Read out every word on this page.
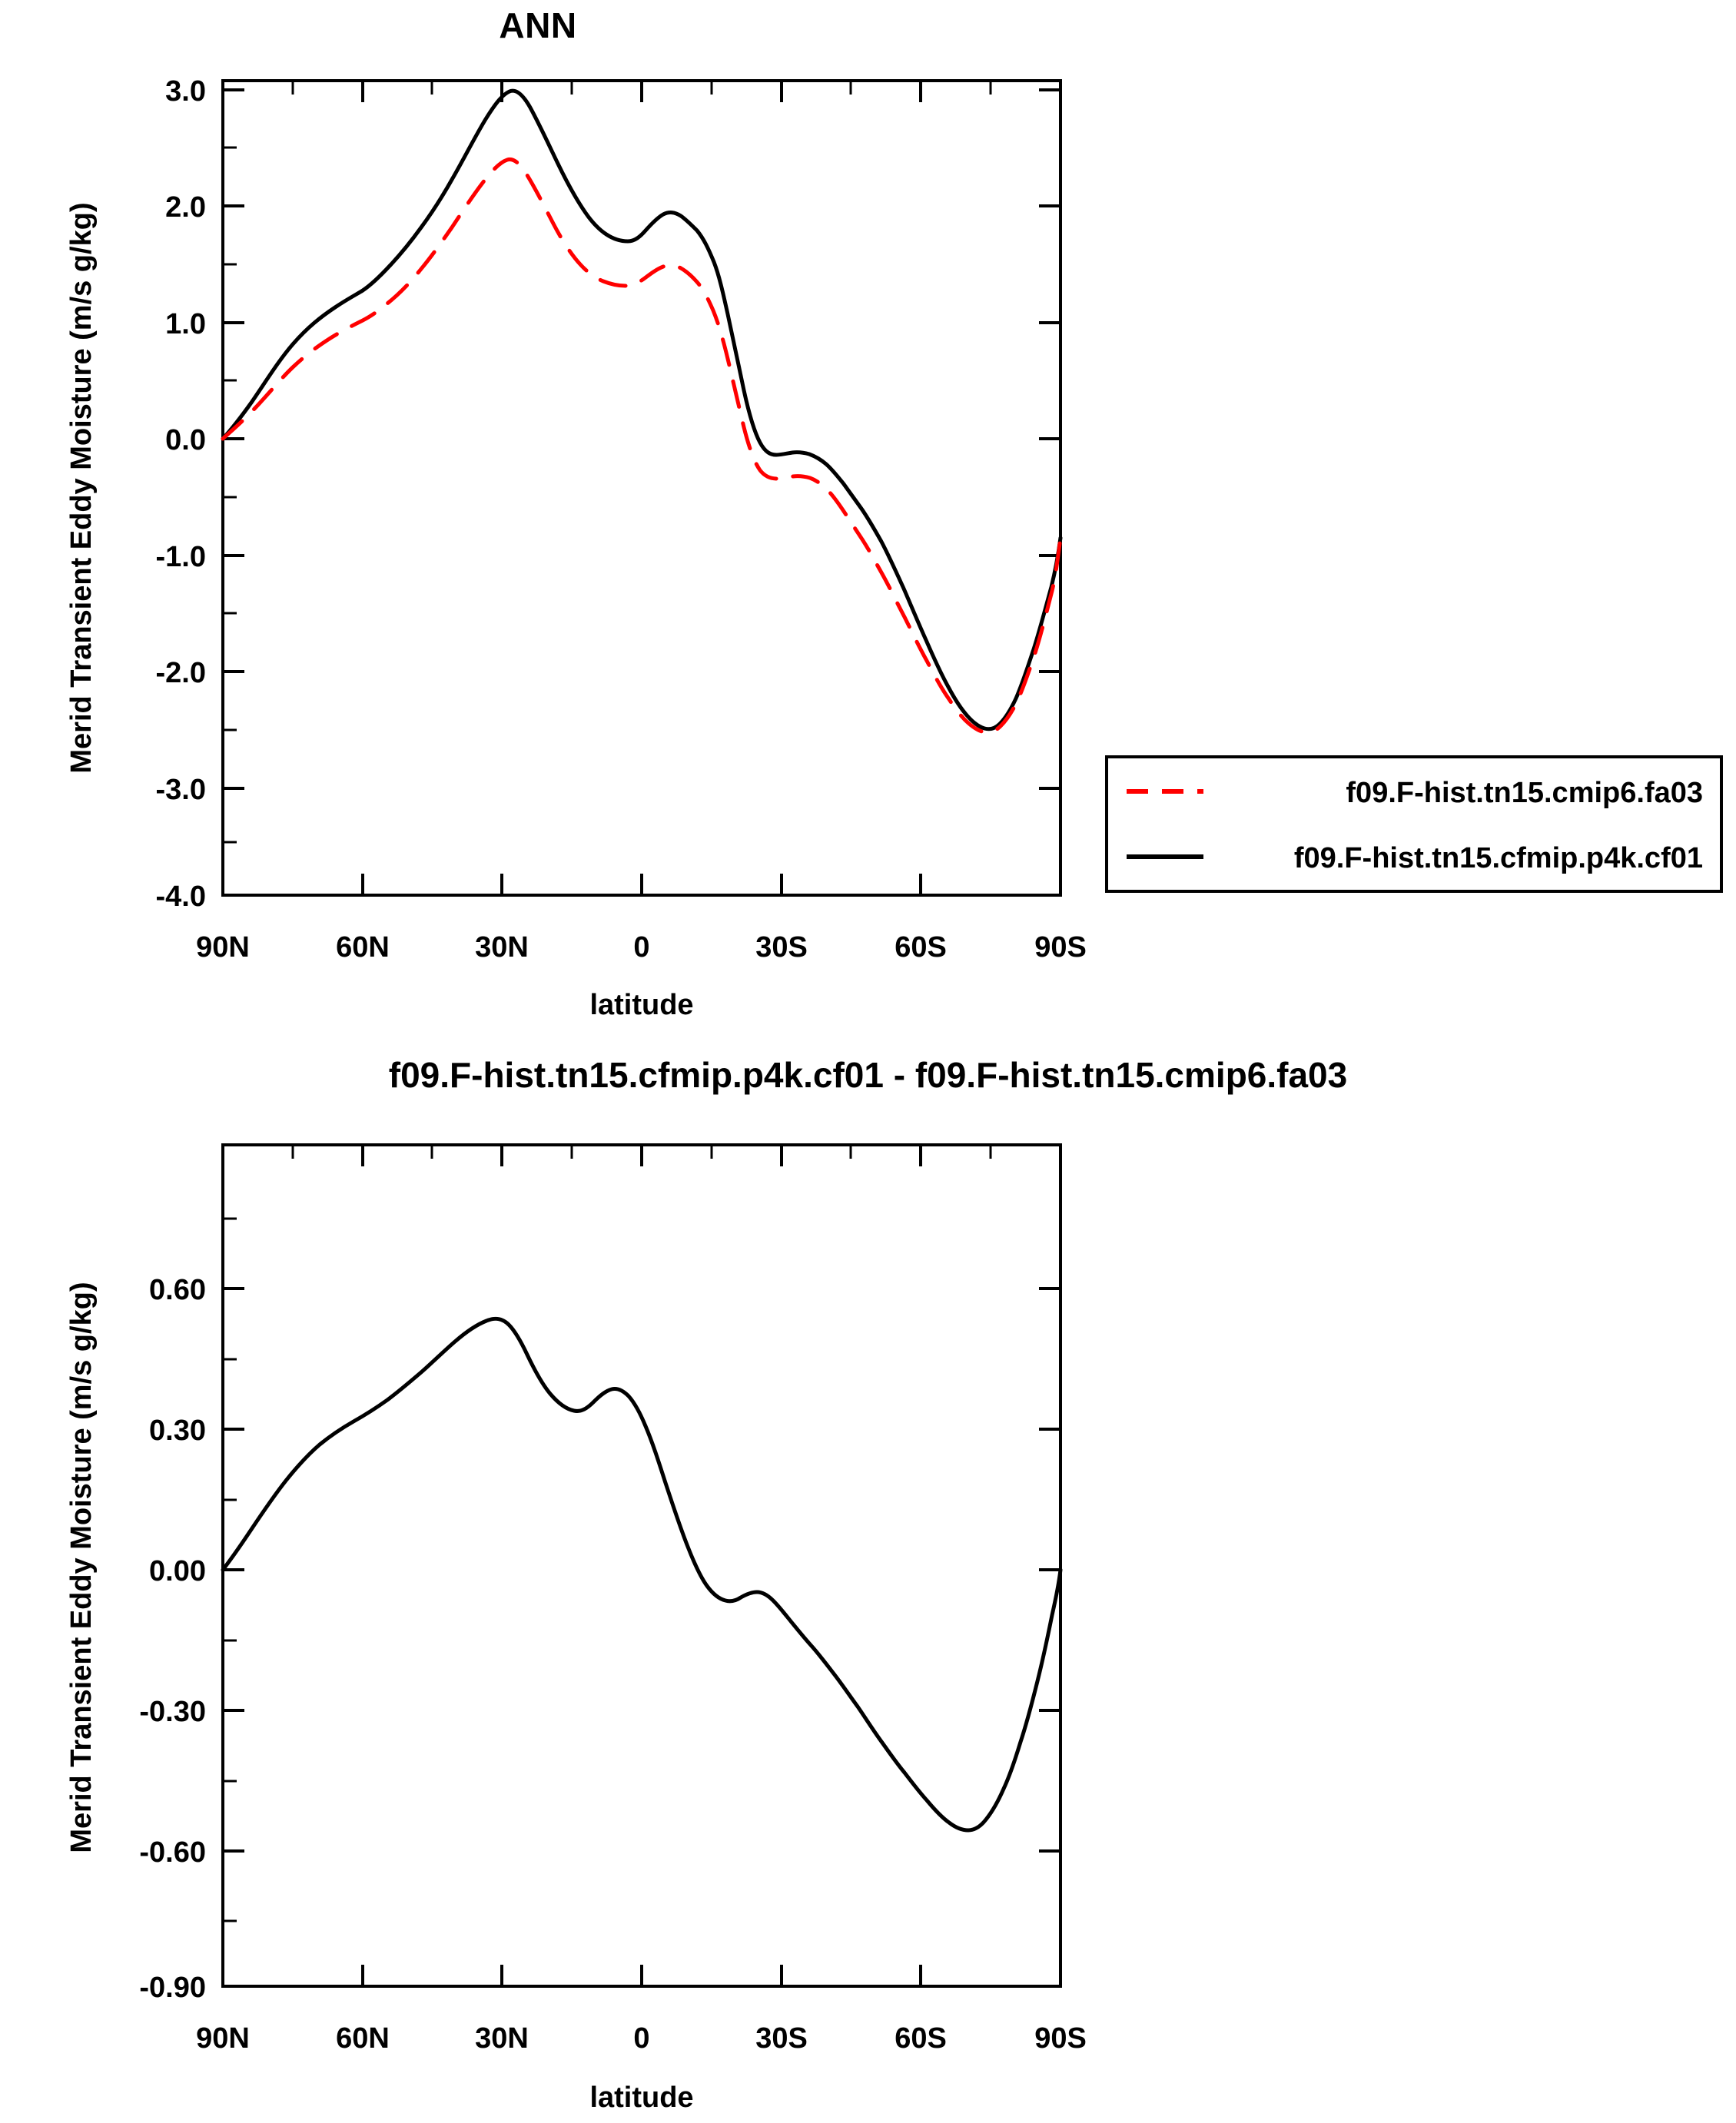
ANN
3.0
2.0
1.0
0.0
-1.0
-2.0
-3.0
-4.0
90N	60N	30N	0	30S	60S	90S
latitude
Merid Transient Eddy Moisture (m/s g/kg)
f09.F-hist.tn15.cmip6.fa03
f09.F-hist.tn15.cfmip.p4k.cf01
f09.F-hist.tn15.cfmip.p4k.cf01 - f09.F-hist.tn15.cmip6.fa03
0.60
0.30
0.00
-0.30
-0.60
-0.90
90N	60N	30N	0	30S	60S	90S
latitude
Merid Transient Eddy Moisture (m/s g/kg)
